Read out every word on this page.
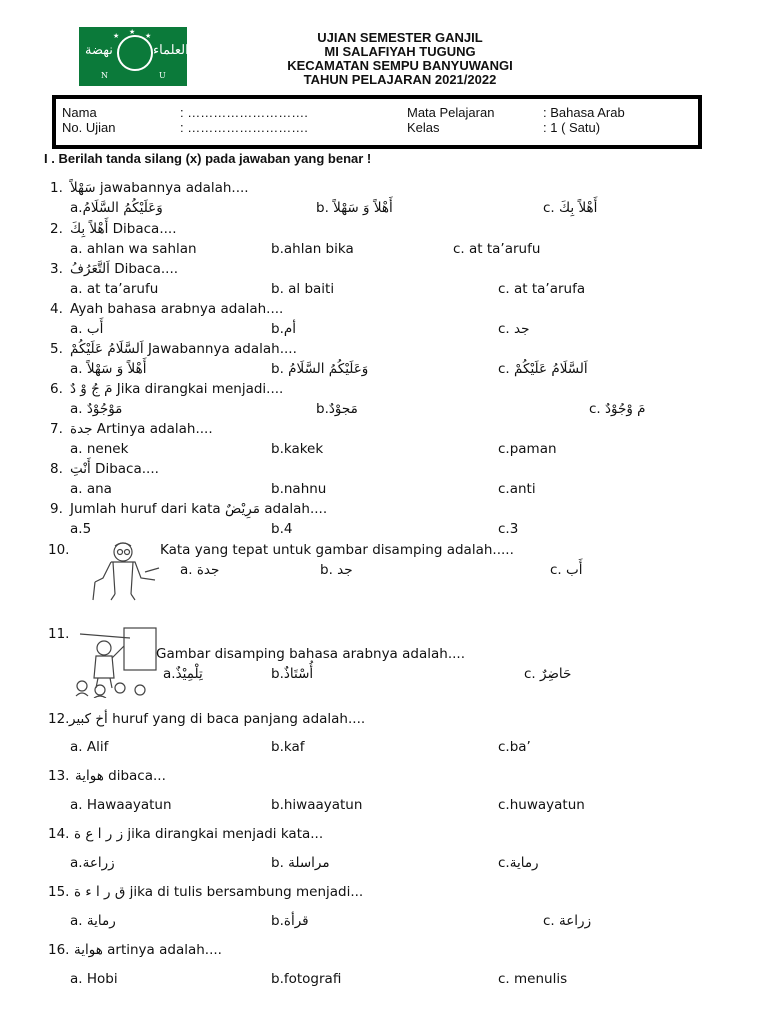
★
★	★
ﻧﻬﻀﺔ	ﺍﻟﻌﻠﻤﺎﺀ
N	U
UJIAN SEMESTER GANJIL
MI SALAFIYAH TUGUNG
KECAMATAN SEMPU BANYUWANGI
TAHUN PELAJARAN 2021/2022
Nama	: ……………………….
No. Ujian	: ……………………….
Mata Pelajaran	: Bahasa Arab
Kelas	: 1 ( Satu)
I . Berilah tanda silang (x) pada jawaban yang benar !
1. سَهْلاً jawabannya adalah....
a.وَعَلَيْكُمُ السَّلَامُ	b. أَهْلاً وَ سَهْلاً	c. أَهْلاً بِكَ
2. أَهْلاً بِكَ Dibaca....
a. ahlan wa sahlan	b.ahlan bika	c. at ta’arufu
3. اَلتَّعَرُفُ Dibaca....
a. at ta’arufu	b. al baiti	c. at ta’arufa
4. Ayah bahasa arabnya adalah....
a. أَب	b.أم	c. جد
5. اَلسَّلَامُ عَلَيْكُمْ Jawabannya adalah....
a. أَهْلاً وَ سَهْلاً	b. وَعَلَيْكُمُ السَّلَامُ	c. اَلسَّلَامُ عَلَيْكُمْ
6. مَ جُ وْ دٌ Jika dirangkai menjadi....
a. مَوْجُوْدٌ	b.مَجوْدٌ	c. مَ وْجُوْدٌ
7. جدة Artinya adalah....
a. nenek	b.kakek	c.paman
8. أَنْتِ Dibaca....
a. ana	b.nahnu	c.anti
9. Jumlah huruf dari kata مَرِيْضٌ adalah....
a.5	b.4	c.3
10.	Kata yang tepat untuk gambar disamping adalah.....
a. جدة	b. جد	c. أَب
11.
Gambar disamping bahasa arabnya adalah....
a.تِلْمِيْذٌ	b.أُسْتَاذٌ	c. حَاضِرٌ
12. أخ كبير huruf yang di baca panjang adalah....
a. Alif	b.kaf	c.ba’
13. هواية dibaca...
a. Hawaayatun	b.hiwaayatun	c.huwayatun
14. ز ر ا ع ة jika dirangkai menjadi kata...
a.زراعة	b. مراسلة	c.رماية
15. ق ر ا ء ة jika di tulis bersambung menjadi...
a. رماية	b.قرأة	c. زراعة
16. هواية artinya adalah....
a. Hobi	b.fotografi	c. menulis
